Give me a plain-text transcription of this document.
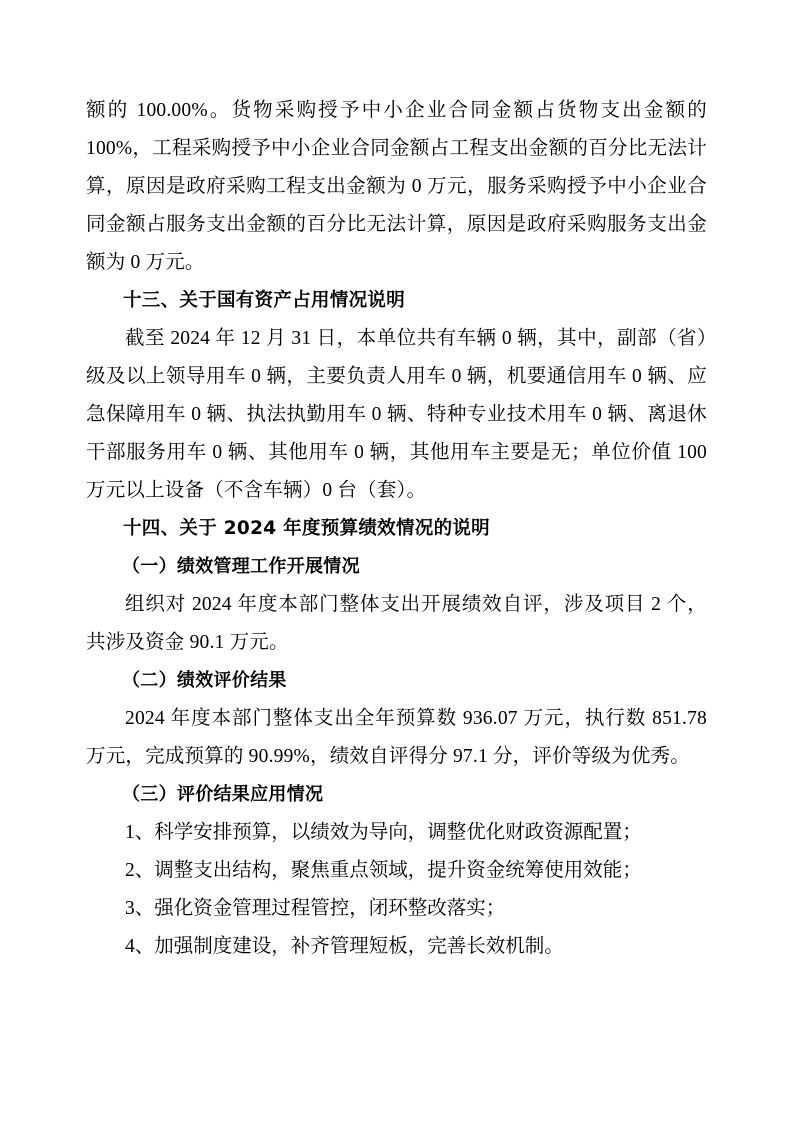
额的 100.00%。货物采购授予中小企业合同金额占货物支出金额的 100%，工程采购授予中小企业合同金额占工程支出金额的百分比无法计算，原因是政府采购工程支出金额为 0 万元，服务采购授予中小企业合同金额占服务支出金额的百分比无法计算，原因是政府采购服务支出金额为 0 万元。

十三、关于国有资产占用情况说明

截至 2024 年 12 月 31 日，本单位共有车辆 0 辆，其中，副部（省）级及以上领导用车 0 辆，主要负责人用车 0 辆，机要通信用车 0 辆、应急保障用车 0 辆、执法执勤用车 0 辆、特种专业技术用车 0 辆、离退休干部服务用车 0 辆、其他用车 0 辆，其他用车主要是无；单位价值 100 万元以上设备（不含车辆）0 台（套）。

十四、关于 2024 年度预算绩效情况的说明

（一）绩效管理工作开展情况

组织对 2024 年度本部门整体支出开展绩效自评，涉及项目 2 个，共涉及资金 90.1 万元。

（二）绩效评价结果

2024 年度本部门整体支出全年预算数 936.07 万元，执行数 851.78 万元，完成预算的 90.99%，绩效自评得分 97.1 分，评价等级为优秀。

（三）评价结果应用情况

1、科学安排预算，以绩效为导向，调整优化财政资源配置；

2、调整支出结构，聚焦重点领域，提升资金统筹使用效能；

3、强化资金管理过程管控，闭环整改落实；

4、加强制度建设，补齐管理短板，完善长效机制。
